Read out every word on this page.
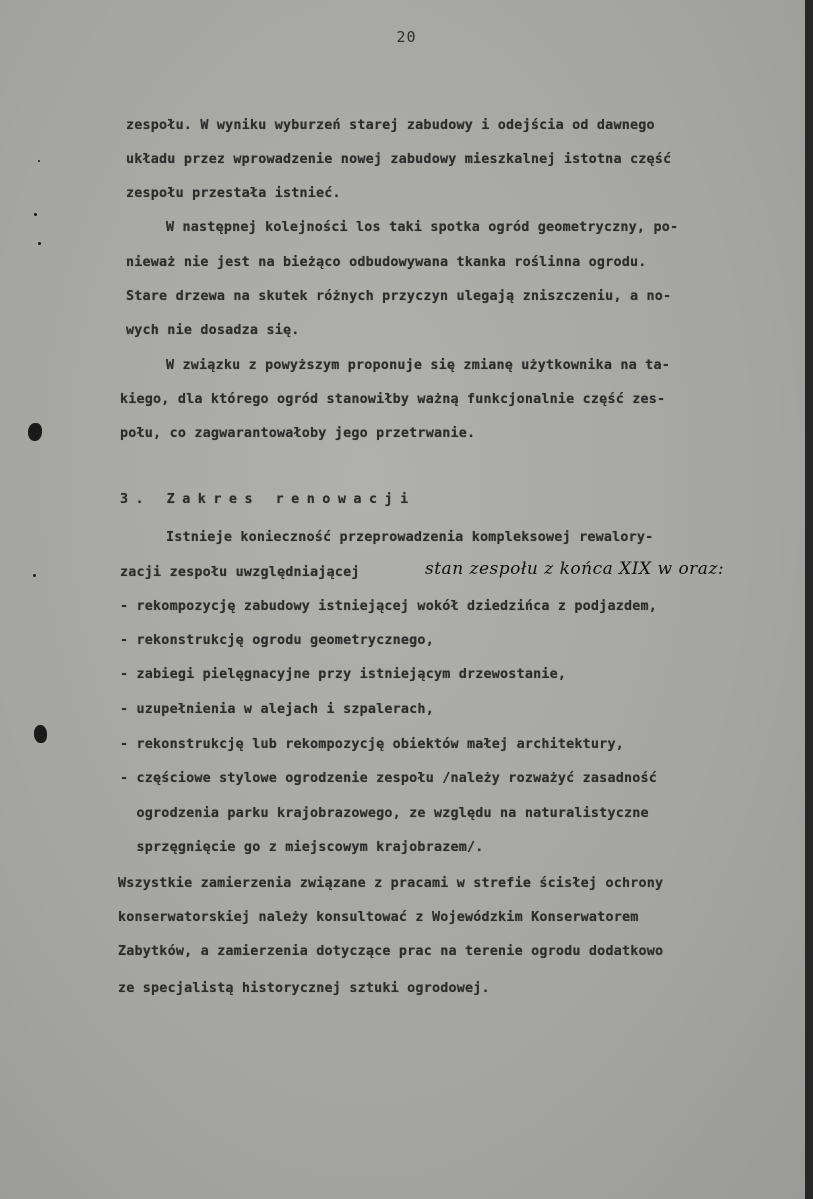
20
zespołu. W wyniku wyburzeń starej zabudowy i odejścia od dawnego
układu przez wprowadzenie nowej zabudowy mieszkalnej istotna część
zespołu przestała istnieć.
W następnej kolejności los taki spotka ogród geometryczny, po-
nieważ nie jest na bieżąco odbudowywana tkanka roślinna ogrodu.
Stare drzewa na skutek różnych przyczyn ulegają zniszczeniu, a no-
wych nie dosadza się.
W związku z powyższym proponuje się zmianę użytkownika na ta-
kiego, dla którego ogród stanowiłby ważną funkcjonalnie część zes-
połu, co zagwarantowałoby jego przetrwanie.
3. Zakres renowacji
Istnieje konieczność przeprowadzenia kompleksowej rewalory-
zacji zespołu uwzględniającej	stan zespołu z końca XIX w oraz:
- rekompozycję zabudowy istniejącej wokół dziedzińca z podjazdem,
- rekonstrukcję ogrodu geometrycznego,
- zabiegi pielęgnacyjne przy istniejącym drzewostanie,
- uzupełnienia w alejach i szpalerach,
- rekonstrukcję lub rekompozycję obiektów małej architektury,
- częściowe stylowe ogrodzenie zespołu /należy rozważyć zasadność
ogrodzenia parku krajobrazowego, ze względu na naturalistyczne
sprzęgnięcie go z miejscowym krajobrazem/.
Wszystkie zamierzenia związane z pracami w strefie ścisłej ochrony
konserwatorskiej należy konsultować z Wojewódzkim Konserwatorem
Zabytków, a zamierzenia dotyczące prac na terenie ogrodu dodatkowo
ze specjalistą historycznej sztuki ogrodowej.
